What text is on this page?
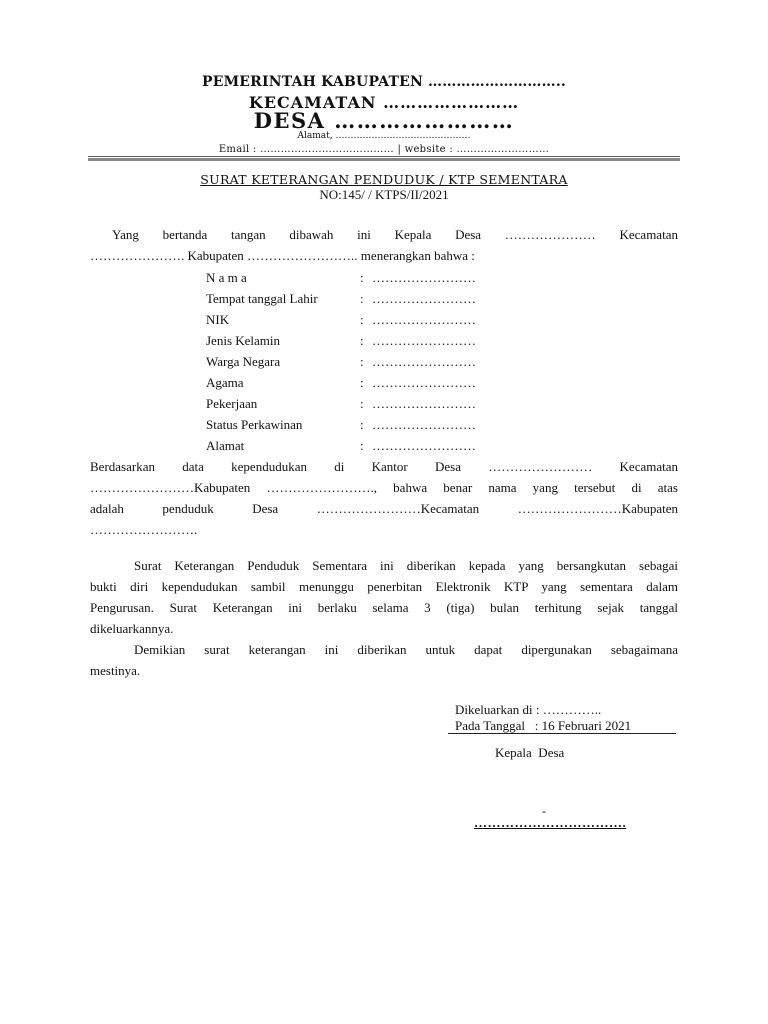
PEMERINTAH KABUPATEN ………………………..
KECAMATAN ……………………
DESA ……………………
Alamat, ………………………………………
Email : ………………………………… | website : ………………………
SURAT KETERANGAN PENDUDUK / KTP SEMENTARA
NO:145/ / KTPS/II/2021
Yang bertanda tangan dibawah ini Kepala Desa ………………… Kecamatan
…………………. Kabupaten …………………….. menerangkan bahwa :
N a m a	: ……………………
Tempat tanggal Lahir	: ……………………
NIK	: ……………………
Jenis Kelamin	: ……………………
Warga Negara	: ……………………
Agama	: ……………………
Pekerjaan	: ……………………
Status Perkawinan	: ……………………
Alamat	: ……………………
Berdasarkan data kependudukan di Kantor Desa …………………… Kecamatan
……………………Kabupaten ……………………., bahwa benar nama yang tersebut di atas
adalah penduduk Desa ……………………Kecamatan ……………………Kabupaten
…………………….
Surat Keterangan Penduduk Sementara ini diberikan kepada yang bersangkutan sebagai
bukti diri kependudukan sambil menunggu penerbitan Elektronik KTP yang sementara dalam
Pengurusan. Surat Keterangan ini berlaku selama 3 (tiga) bulan terhitung sejak tanggal
dikeluarkannya.
Demikian surat keterangan ini diberikan untuk dapat dipergunakan sebagaimana
mestinya.
Dikeluarkan di : …………..
Pada Tanggal   : 16 Februari 2021
Kepala  Desa
-
…………………………….
